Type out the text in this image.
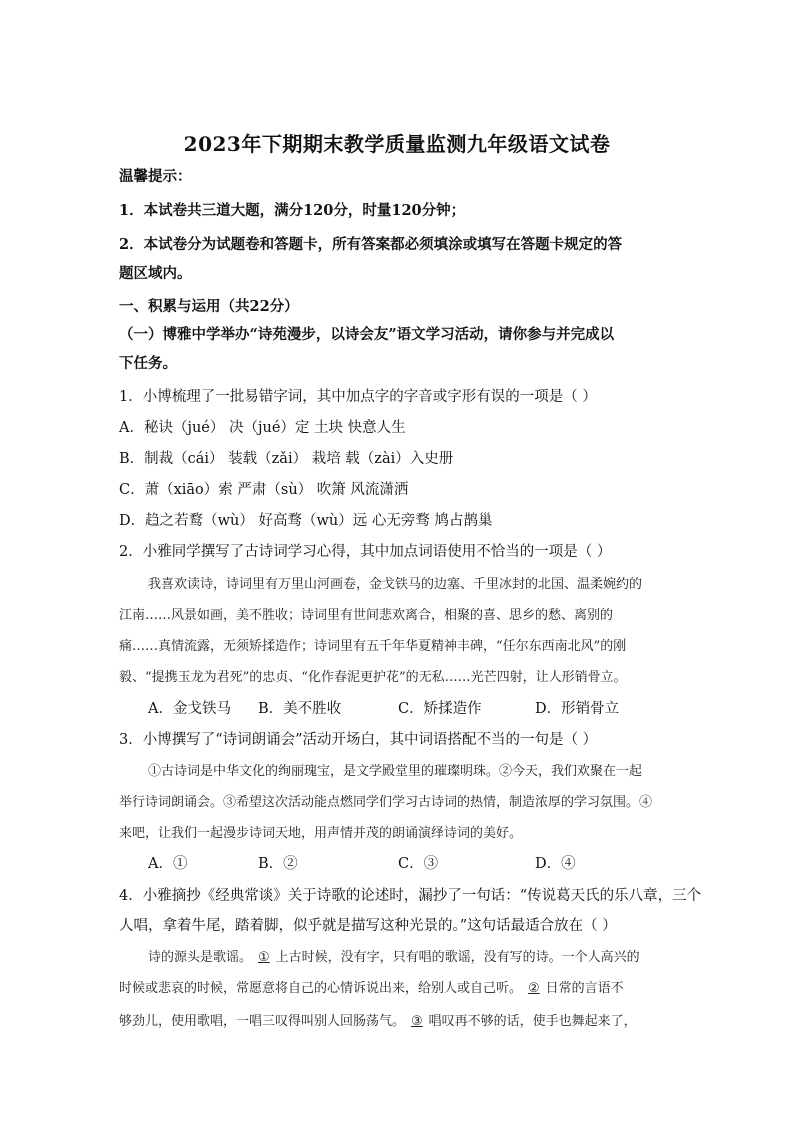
2023年下期期末教学质量监测九年级语文试卷
温馨提示：
1．本试卷共三道大题，满分120分，时量120分钟；
2．本试卷分为试题卷和答题卡，所有答案都必须填涂或填写在答题卡规定的答
题区域内。
一、积累与运用（共22分）
（一）博雅中学举办“诗苑漫步，以诗会友”语文学习活动，请你参与并完成以
下任务。
1．小博梳理了一批易错字词，其中加点字的字音或字形有误的一项是（ ）
A．秘诀（jué） 决（jué）定 土块 快意人生
B．制裁（cái） 装载（zǎi） 栽培 载（zài）入史册
C．萧（xiāo）索 严肃（sù） 吹箫 风流潇洒
D．趋之若鹜（wù） 好高骛（wù）远 心无旁骛 鸠占鹊巢
2．小雅同学撰写了古诗词学习心得，其中加点词语使用不恰当的一项是（ ）
我喜欢读诗，诗词里有万里山河画卷，金戈铁马的边塞、千里冰封的北国、温柔婉约的
江南……风景如画，美不胜收；诗词里有世间悲欢离合，相聚的喜、思乡的愁、离别的
痛……真情流露，无须矫揉造作；诗词里有五千年华夏精神丰碑，“任尔东西南北风”的刚
毅、“提携玉龙为君死”的忠贞、“化作春泥更护花”的无私……光芒四射，让人形销骨立。
A．金戈铁马 B．美不胜收	C．矫揉造作	D．形销骨立
3．小博撰写了“诗词朗诵会”活动开场白，其中词语搭配不当的一句是（ ）
①古诗词是中华文化的绚丽瑰宝，是文学殿堂里的璀璨明珠。②今天，我们欢聚在一起
举行诗词朗诵会。③希望这次活动能点燃同学们学习古诗词的热情，制造浓厚的学习氛围。④
来吧，让我们一起漫步诗词天地，用声情并茂的朗诵演绎诗词的美好。
A．①	B．②	C．③	D．④
4．小雅摘抄《经典常谈》关于诗歌的论述时，漏抄了一句话：“传说葛天氏的乐八章，三个
人唱，拿着牛尾，踏着脚，似乎就是描写这种光景的。”这句话最适合放在（ ）
诗的源头是歌谣。 ① 上古时候，没有字，只有唱的歌谣，没有写的诗。一个人高兴的
时候或悲哀的时候，常愿意将自己的心情诉说出来，给别人或自己听。 ② 日常的言语不
够劲儿，使用歌唱，一唱三叹得叫别人回肠荡气。 ③ 唱叹再不够的话，使手也舞起来了，
